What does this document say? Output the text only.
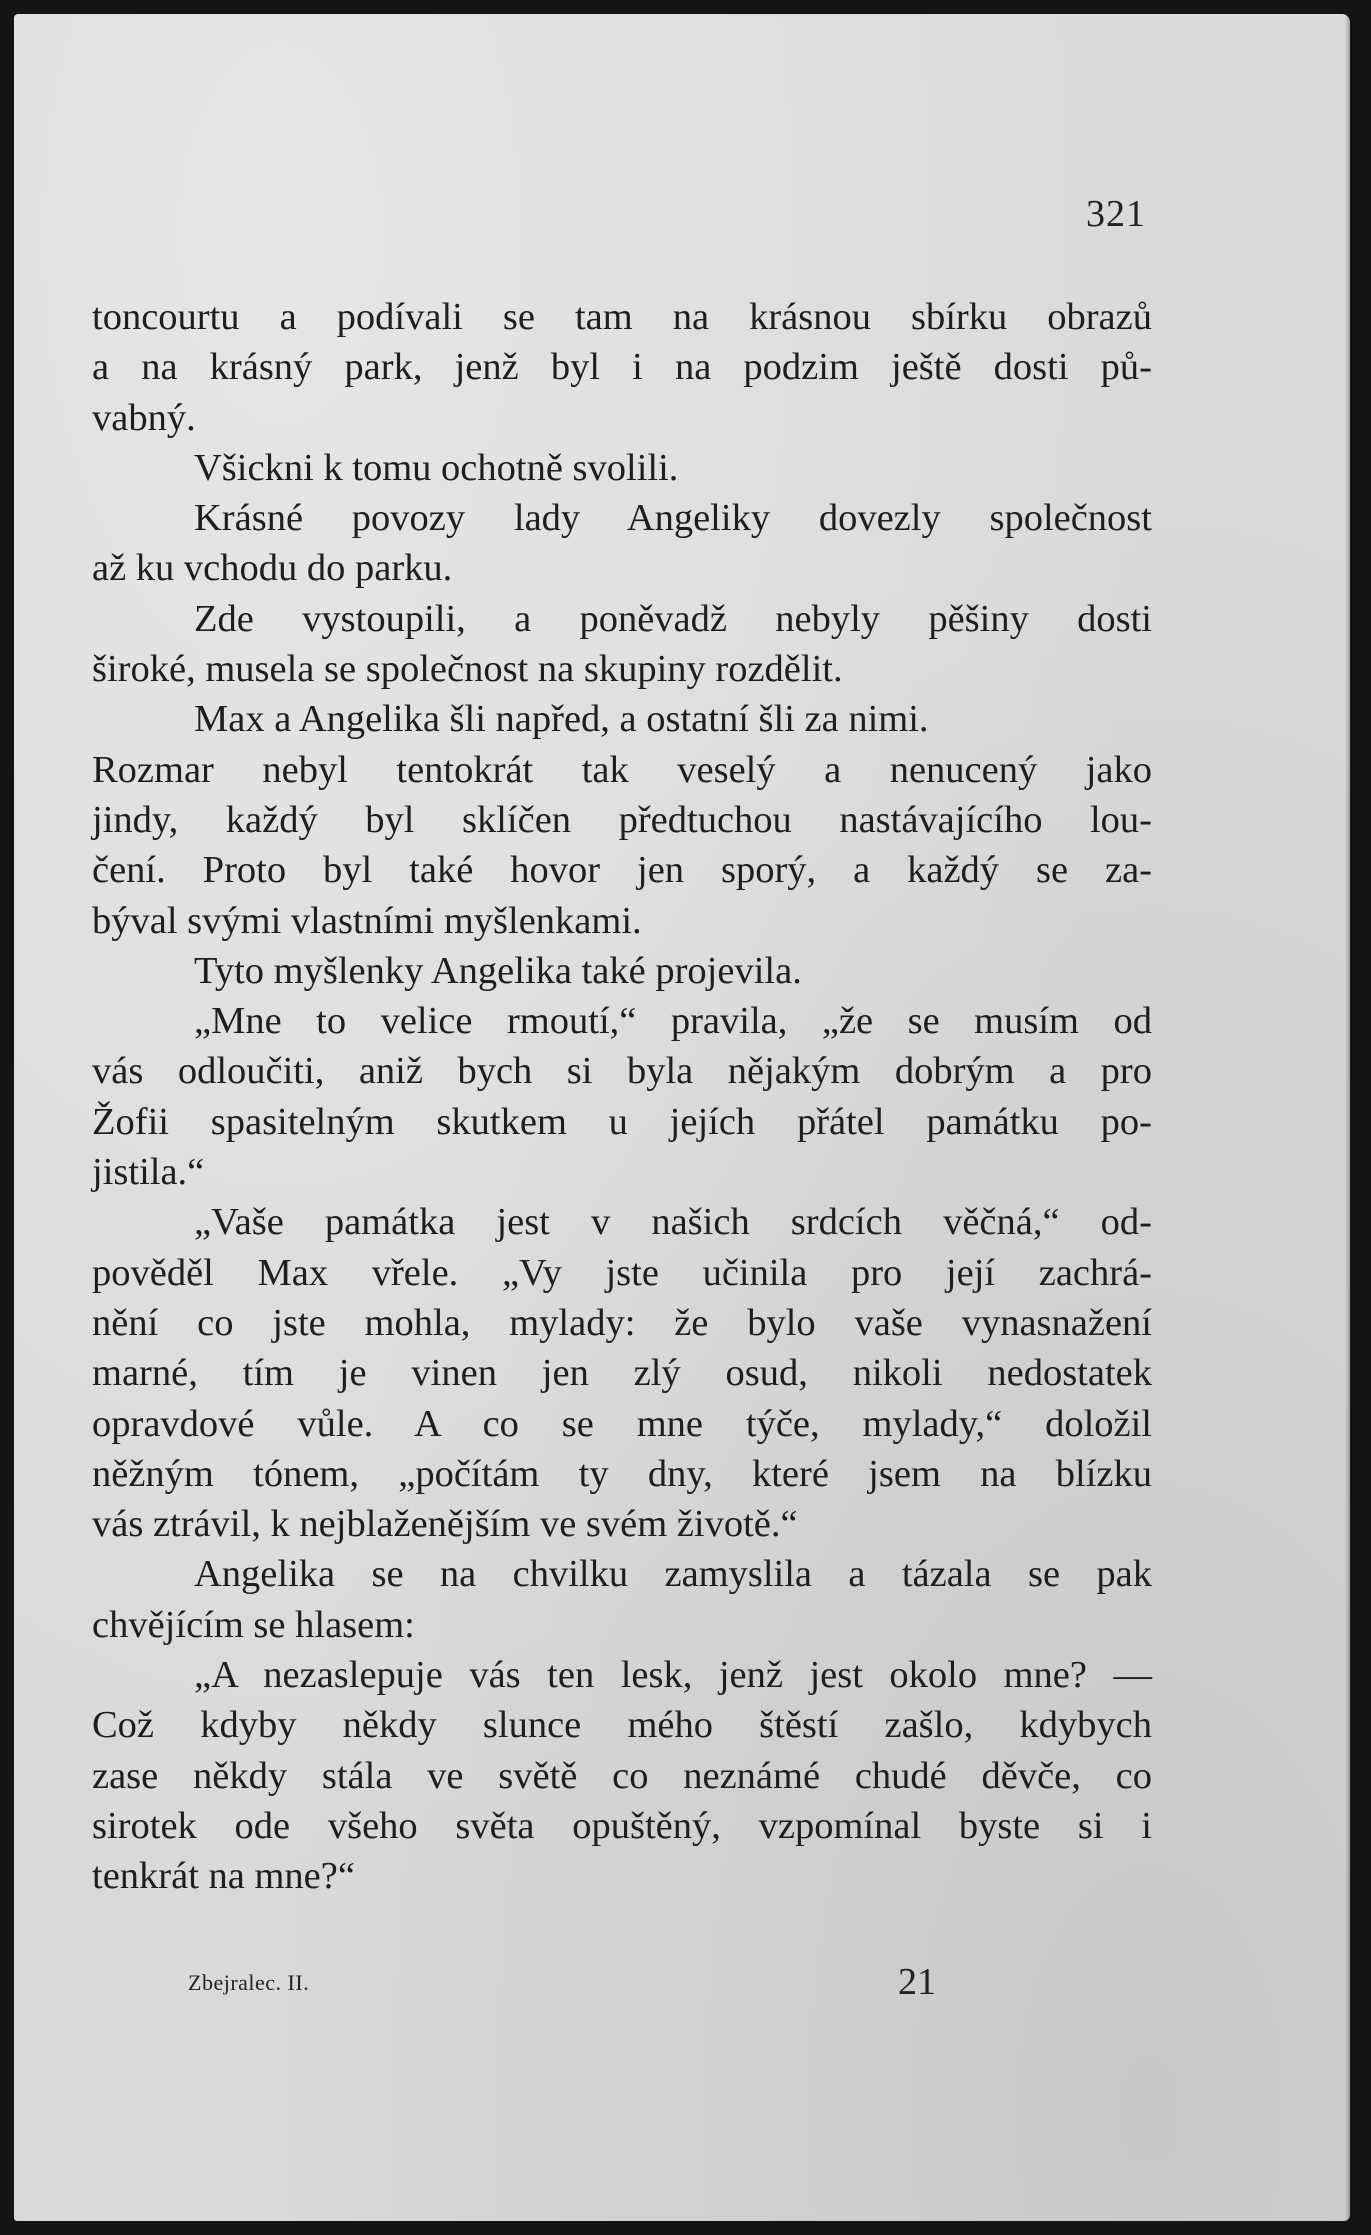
321

toncourtu a podívali se tam na krásnou sbírku obrazů
a na krásný park, jenž byl i na podzim ještě dosti pů-
vabný.

Všickni k tomu ochotně svolili.

Krásné povozy lady Angeliky dovezly společnost
až ku vchodu do parku.

Zde vystoupili, a poněvadž nebyly pěšiny dosti
široké, musela se společnost na skupiny rozdělit.

Max a Angelika šli napřed, a ostatní šli za nimi.

Rozmar nebyl tentokrát tak veselý a nenucený jako
jindy, každý byl sklíčen předtuchou nastávajícího lou-
čení. Proto byl také hovor jen sporý, a každý se za-
býval svými vlastními myšlenkami.

Tyto myšlenky Angelika také projevila.

„Mne to velice rmoutí,“ pravila, „že se musím od
vás odloučiti, aniž bych si byla nějakým dobrým a pro
Žofii spasitelným skutkem u jejích přátel památku po-
jistila.“

„Vaše památka jest v našich srdcích věčná,“ od-
pověděl Max vřele. „Vy jste učinila pro její zachrá-
nění co jste mohla, mylady: že bylo vaše vynasnažení
marné, tím je vinen jen zlý osud, nikoli nedostatek
opravdové vůle. A co se mne týče, mylady,“ doložil
něžným tónem, „počítám ty dny, které jsem na blízku
vás ztrávil, k nejblaženějším ve svém životě.“

Angelika se na chvilku zamyslila a tázala se pak
chvějícím se hlasem:

„A nezaslepuje vás ten lesk, jenž jest okolo mne? —
Což kdyby někdy slunce mého štěstí zašlo, kdybych
zase někdy stála ve světě co neznámé chudé děvče, co
sirotek ode všeho světa opuštěný, vzpomínal byste si i
tenkrát na mne?“

Zbejralec. II.	21
